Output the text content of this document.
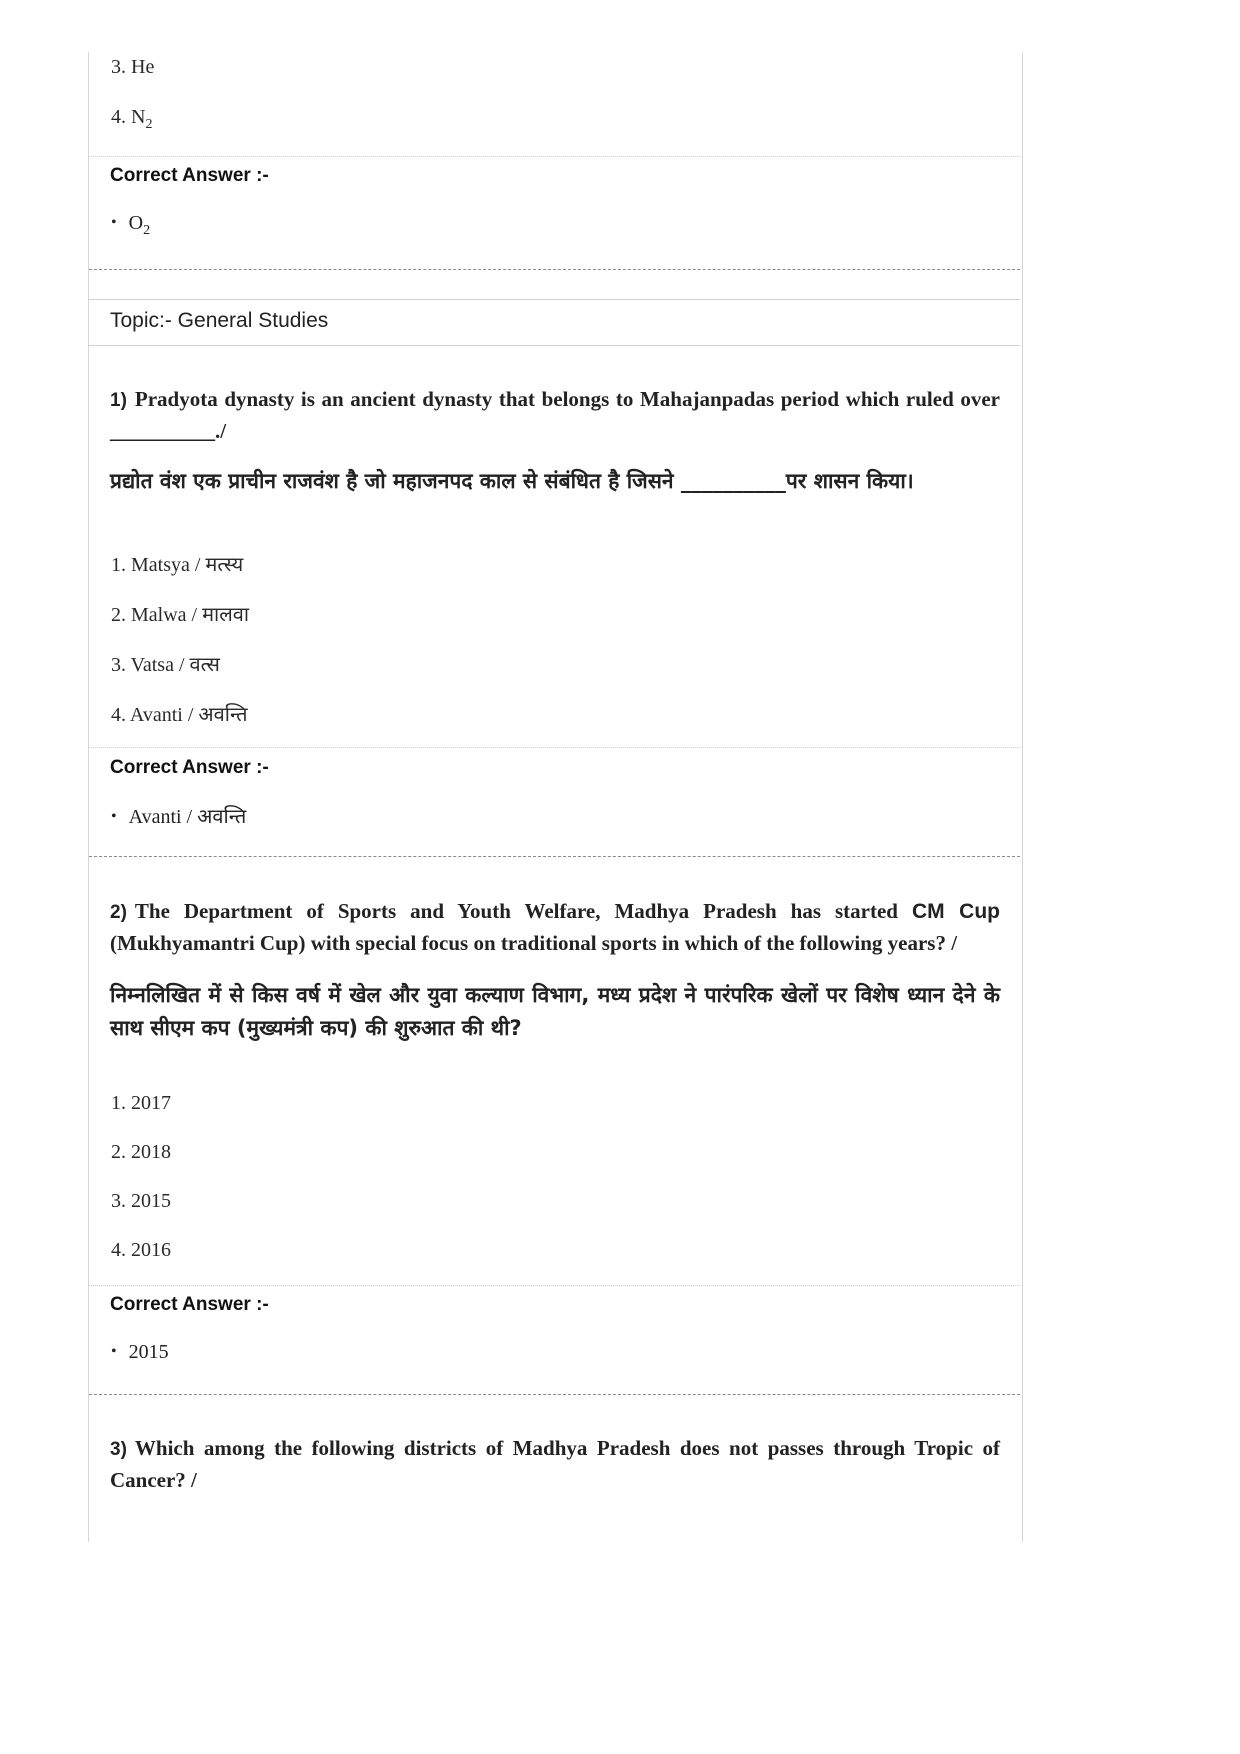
3. He
4. $N_2$
Correct Answer :-
• $O_2$
Topic:- General Studies
1) Pradyota dynasty is an ancient dynasty that belongs to Mahajanpadas period which ruled over __________./
प्रद्योत वंश एक प्राचीन राजवंश है जो महाजनपद काल से संबंधित है जिसने __________पर शासन किया।
1. Matsya / मत्स्य
2. Malwa / मालवा
3. Vatsa / वत्स
4. Avanti / अवन्ति
Correct Answer :-
• Avanti / अवन्ति
2) The Department of Sports and Youth Welfare, Madhya Pradesh has started CM Cup (Mukhyamantri Cup) with special focus on traditional sports in which of the following years? /
निम्नलिखित में से किस वर्ष में खेल और युवा कल्याण विभाग, मध्य प्रदेश ने पारंपरिक खेलों पर विशेष ध्यान देने के साथ सीएम कप (मुख्यमंत्री कप) की शुरुआत की थी?
1. 2017
2. 2018
3. 2015
4. 2016
Correct Answer :-
• 2015
3) Which among the following districts of Madhya Pradesh does not passes through Tropic of Cancer? /
